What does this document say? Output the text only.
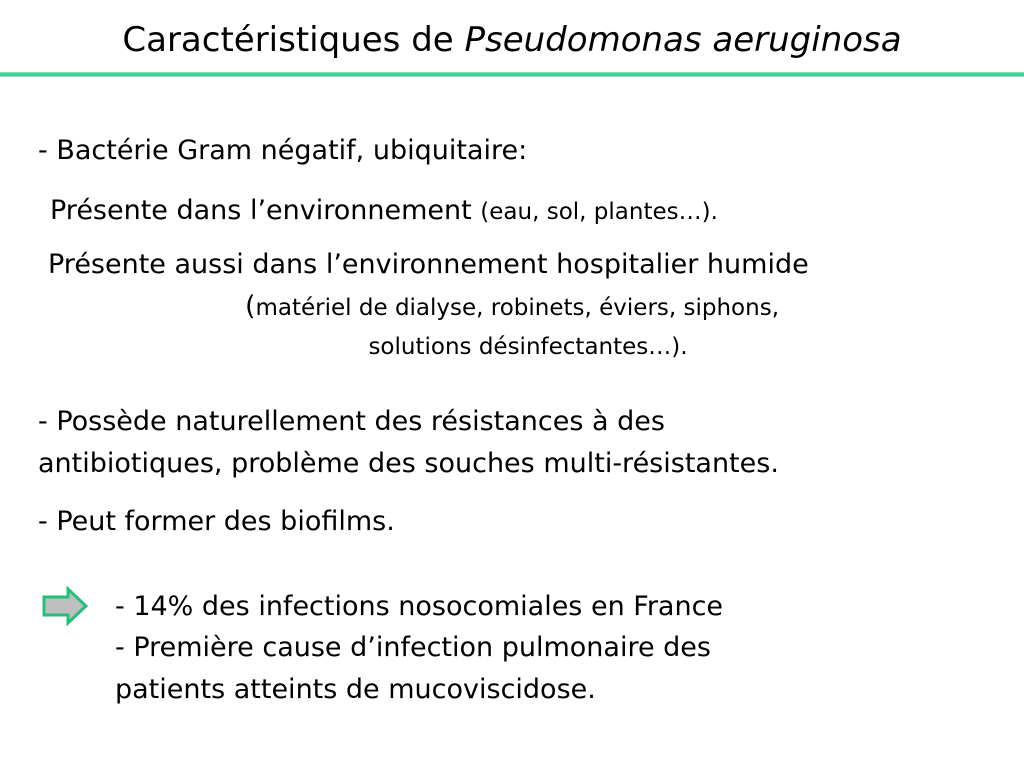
Caractéristiques de Pseudomonas aeruginosa
- Bactérie Gram négatif, ubiquitaire:
Présente dans l’environnement (eau, sol, plantes…).
Présente aussi dans l’environnement hospitalier humide
(matériel de dialyse, robinets, éviers, siphons,
solutions désinfectantes…).
- Possède naturellement des résistances à des
antibiotiques, problème des souches multi-résistantes.
- Peut former des biofilms.
- 14% des infections nosocomiales en France
- Première cause d’infection pulmonaire des
patients atteints de mucoviscidose.
